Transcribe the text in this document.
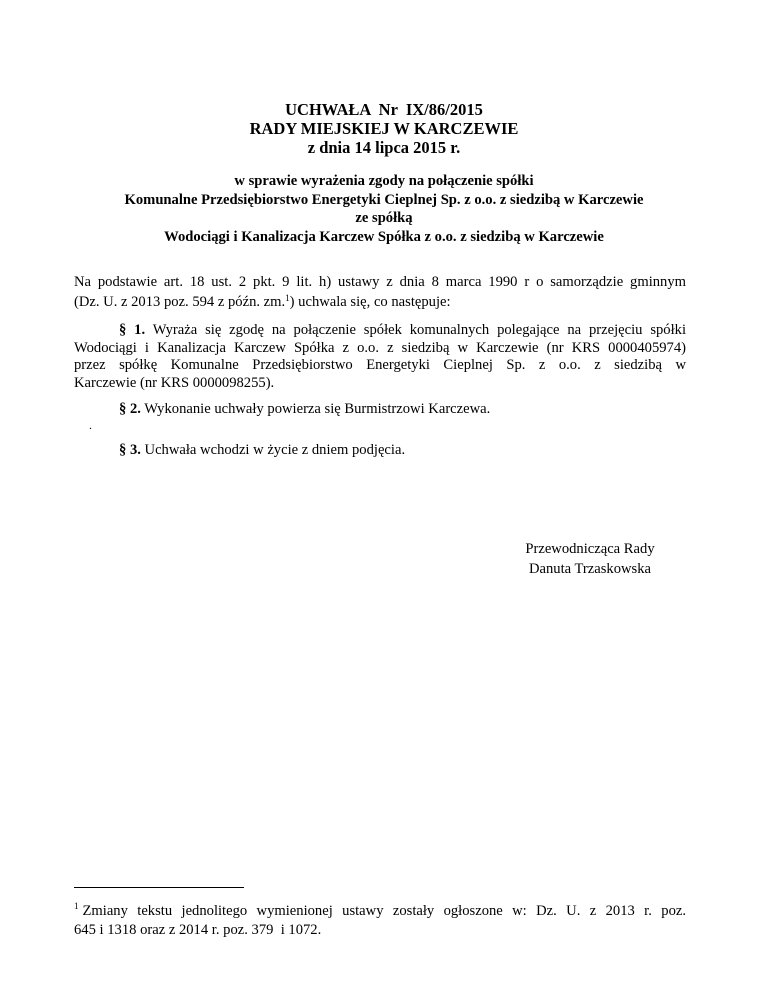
UCHWAŁA  Nr  IX/86/2015
RADY MIEJSKIEJ W KARCZEWIE
z dnia 14 lipca 2015 r.
w sprawie wyrażenia zgody na połączenie spółki
Komunalne Przedsiębiorstwo Energetyki Cieplnej Sp. z o.o. z siedzibą w Karczewie
ze spółką
Wodociągi i Kanalizacja Karczew Spółka z o.o. z siedzibą w Karczewie
Na podstawie art. 18 ust. 2 pkt. 9 lit. h) ustawy z dnia 8 marca 1990 r o samorządzie gminnym
(Dz. U. z 2013 poz. 594 z późn. zm.$^1$) uchwala się, co następuje:
§ 1. Wyraża się zgodę na połączenie spółek komunalnych polegające na przejęciu spółki
Wodociągi i Kanalizacja Karczew Spółka z o.o. z siedzibą w Karczewie (nr KRS 0000405974)
przez spółkę Komunalne Przedsiębiorstwo Energetyki Cieplnej Sp. z o.o. z siedzibą w
Karczewie (nr KRS 0000098255).
§ 2. Wykonanie uchwały powierza się Burmistrzowi Karczewa.
.
§ 3. Uchwała wchodzi w życie z dniem podjęcia.
Przewodnicząca Rady
Danuta Trzaskowska
$^1$ Zmiany tekstu jednolitego wymienionej ustawy zostały ogłoszone w: Dz. U. z 2013 r. poz.
645 i 1318 oraz z 2014 r. poz. 379  i 1072.
